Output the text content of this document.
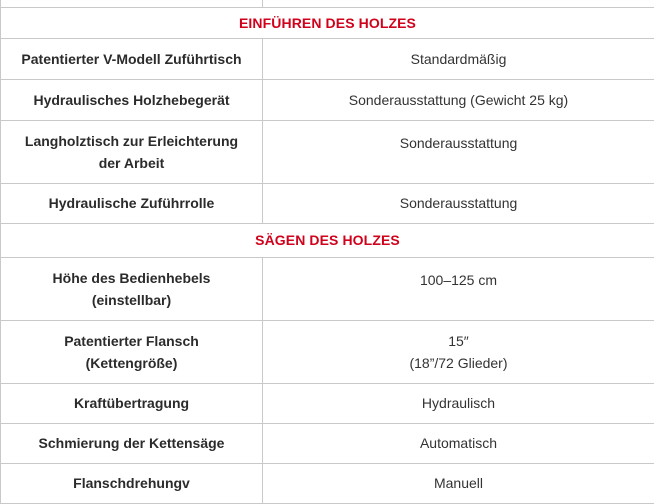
EINFÜHREN DES HOLZES	

Patentierter V-Modell Zuführtisch	Standardmäßig

Hydraulisches Holzhebegerät	Sonderausstattung (Gewicht 25 kg)

Langholztisch zur Erleichterung
der Arbeit	Sonderausstattung

Hydraulische Zuführrolle	Sonderausstattung

SÄGEN DES HOLZES	

Höhe des Bedienhebels
(einstellbar)	100–125 cm

Patentierter Flansch
(Kettengröße)	15″
(18”/72 Glieder)

Kraftübertragung	Hydraulisch

Schmierung der Kettensäge	Automatisch

Flanschdrehungv	Manuell
